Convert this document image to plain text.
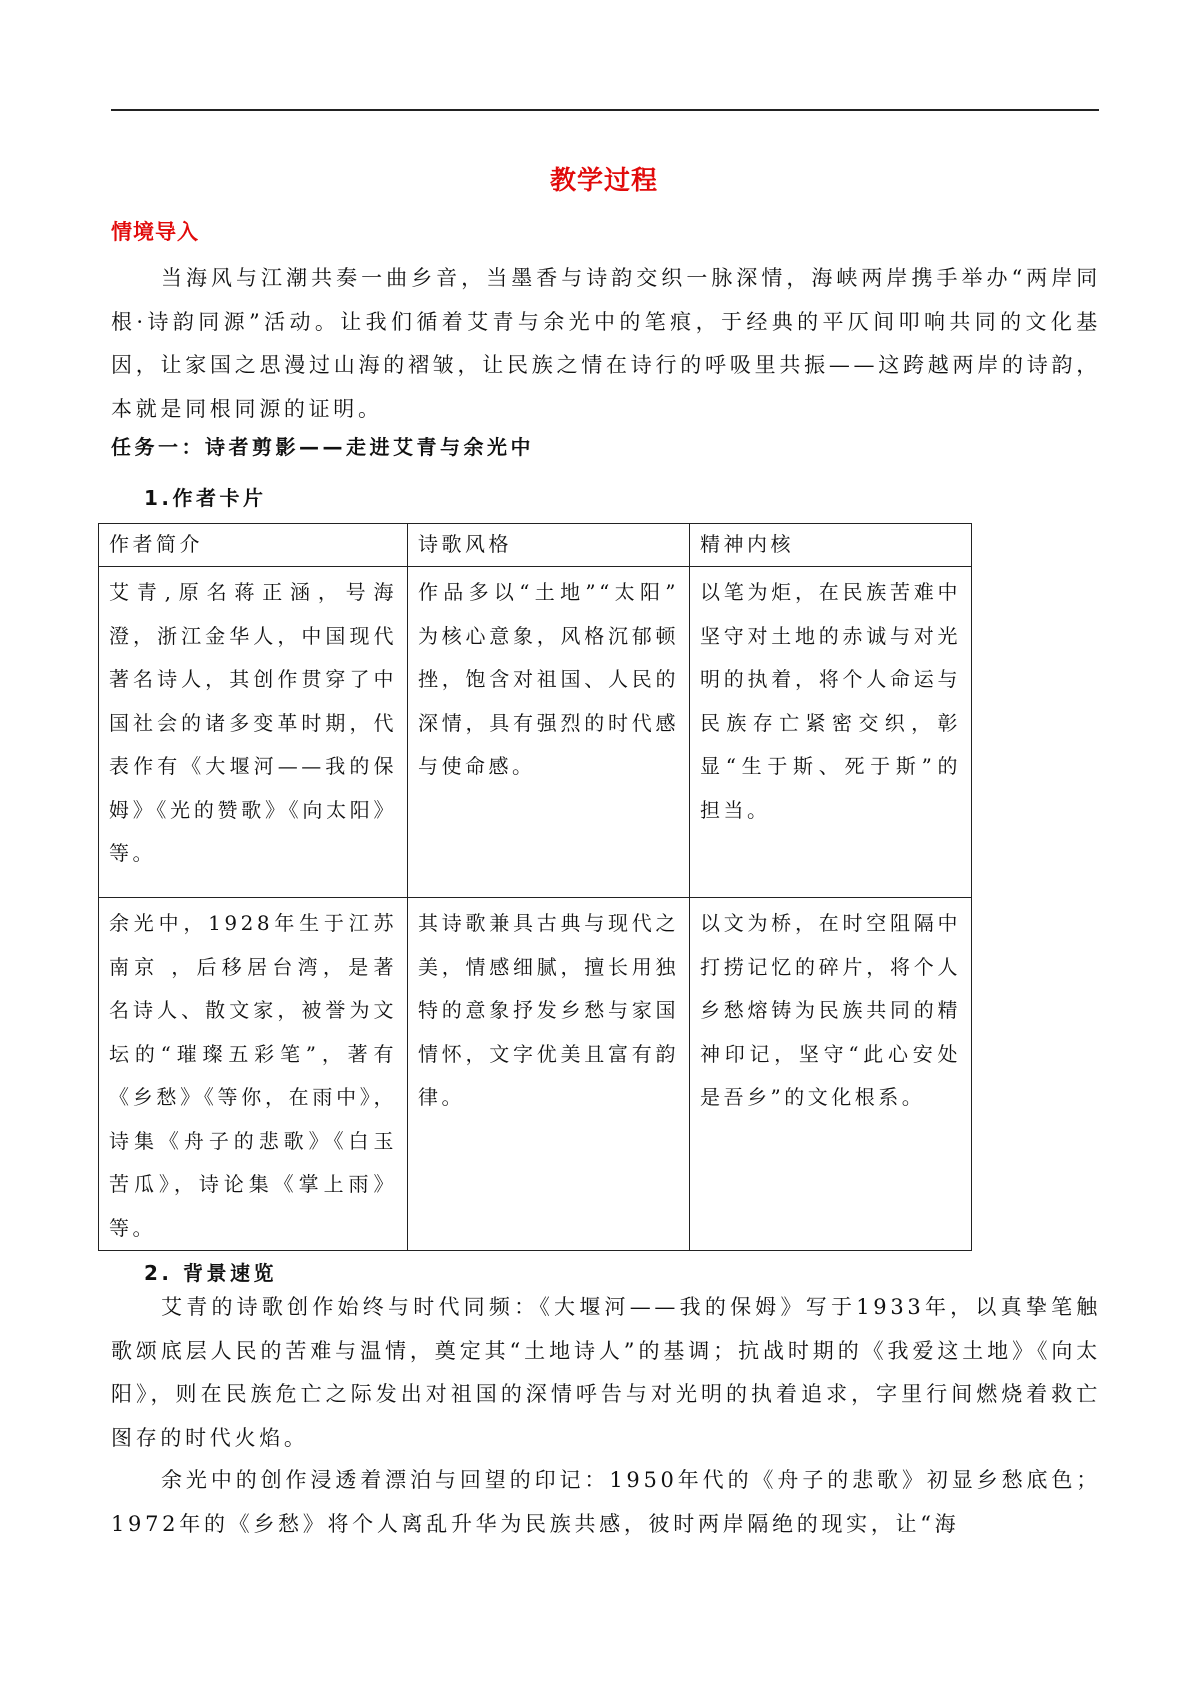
教学过程
情境导入
当海风与江潮共奏一曲乡音，当墨香与诗韵交织一脉深情，海峡两岸携手举办“两岸同根·诗韵同源”活动。让我们循着艾青与余光中的笔痕，于经典的平仄间叩响共同的文化基因，让家国之思漫过山海的褶皱，让民族之情在诗行的呼吸里共振——这跨越两岸的诗韵，本就是同根同源的证明。
任务一：诗者剪影——走进艾青与余光中
1.作者卡片
作者简介	诗歌风格	精神内核
艾青,原名蒋正涵，号海澄，浙江金华人，中国现代著名诗人，其创作贯穿了中国社会的诸多变革时期，代表作有《大堰河——我的保姆》《光的赞歌》《向太阳》等。	作品多以“土地”“太阳” 为核心意象，风格沉郁顿挫，饱含对祖国、人民的深情，具有强烈的时代感与使命感。	以笔为炬，在民族苦难中坚守对土地的赤诚与对光明的执着，将个人命运与民族存亡紧密交织，彰显“生于斯、死于斯”的担当。
余光中，1928年生于江苏南京 ，后移居台湾，是著名诗人、散文家，被誉为文坛的“璀璨五彩笔”，著有《乡愁》《等你，在雨中》，诗集《舟子的悲歌》《白玉苦瓜》，诗论集《掌上雨》等。	其诗歌兼具古典与现代之美，情感细腻，擅长用独特的意象抒发乡愁与家国情怀，文字优美且富有韵律。	以文为桥，在时空阻隔中打捞记忆的碎片，将个人乡愁熔铸为民族共同的精神印记，坚守“此心安处是吾乡”的文化根系。
2. 背景速览
艾青的诗歌创作始终与时代同频：《大堰河——我的保姆》写于1933年，以真挚笔触歌颂底层人民的苦难与温情，奠定其“土地诗人”的基调；抗战时期的《我爱这土地》《向太阳》，则在民族危亡之际发出对祖国的深情呼告与对光明的执着追求，字里行间燃烧着救亡图存的时代火焰。
余光中的创作浸透着漂泊与回望的印记：1950年代的《舟子的悲歌》初显乡愁底色；1972年的《乡愁》将个人离乱升华为民族共感，彼时两岸隔绝的现实，让“海
